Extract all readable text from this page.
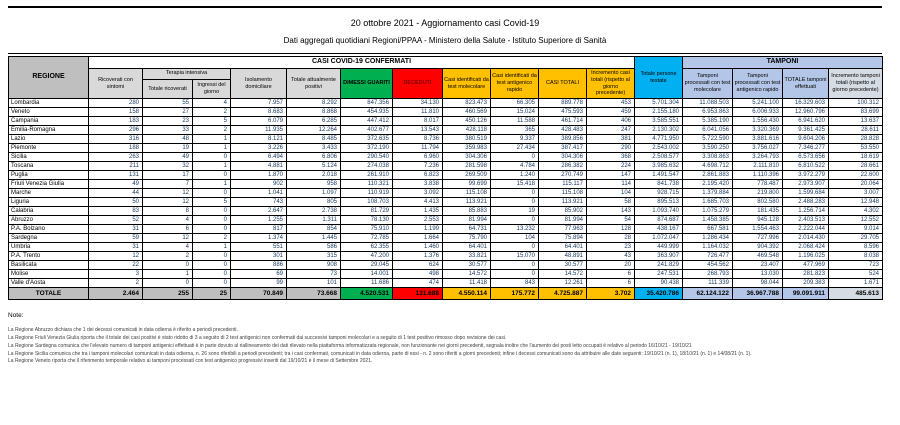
20 ottobre 2021 - Aggiornamento casi Covid-19
Dati aggregati quotidiani Regioni/PPAA - Ministero della Salute - Istituto Superiore di Sanità
REGIONE	CASI COVID-19 CONFERMATI											Totale persone testate	TAMPONI			
	Ricoverati con sintomi	Terapia intensiva		Isolamento domiciliare	Totale attualmente positivi	DIMESSI GUARITI	DECEDUTI	Casi identificati da test molecolare	Casi identificati da test antigenico rapido	CASI TOTALI	Incremento casi totali (rispetto al giorno precedente)		Tamponi processati con test molecolare	Tamponi processati con test antigenico rapido	TOTALE tamponi effettuati	Incremento tamponi totali (rispetto al giorno precedente)
		Totale ricoverati	Ingressi del giorno													
Lombardia	280	55	4	7.957	8.292	847.356	34.130	823.473	66.305	889.778	453	5.701.304	11.088.503	5.241.100	16.329.603	100.312
Veneto	158	27	2	8.683	8.868	454.935	11.810	460.569	15.024	475.593	459	2.155.180	6.953.863	6.006.933	12.960.796	83.699
Campania	183	23	5	6.079	6.285	447.412	8.017	450.126	11.588	461.714	406	3.585.551	5.385.190	1.556.430	6.941.620	13.637
Emilia-Romagna	296	33	2	11.935	12.264	402.677	13.543	428.118	365	428.483	247	2.130.302	6.041.056	3.320.369	9.361.425	28.611
Lazio	316	48	1	8.121	8.485	372.635	8.736	380.519	9.337	389.856	381	4.771.950	5.722.590	3.881.616	9.604.206	28.828
Piemonte	188	19	1	3.226	3.433	372.190	11.794	359.983	27.434	387.417	290	2.543.002	3.590.250	3.756.027	7.346.277	53.550
Sicilia	263	49	0	6.494	6.806	290.540	6.960	304.306	0	304.306	368	2.508.577	3.308.863	3.264.793	6.573.656	18.619
Toscana	211	32	1	4.881	5.124	274.038	7.236	281.598	4.784	286.382	224	3.985.632	4.698.712	2.111.810	6.810.522	28.661
Puglia	131	17	0	1.870	2.018	261.910	6.823	269.509	1.240	270.749	147	1.491.547	2.861.883	1.110.396	3.972.279	22.600
Friuli Venezia Giulia	49	7	1	902	958	110.321	3.838	99.699	15.418	115.117	114	841.738	2.195.420	778.487	2.973.907	20.064
Marche	44	12	0	1.041	1.097	110.919	3.092	115.108	0	115.108	104	928.715	1.379.884	219.800	1.599.684	3.007
Liguria	50	12	5	743	805	108.703	4.413	113.921	0	113.921	58	895.513	1.685.703	802.580	2.488.283	12.948
Calabria	83	8	0	2.647	2.738	81.729	1.435	85.883	19	85.902	143	1.093.740	1.075.279	181.435	1.256.714	4.302
Abruzzo	52	4	0	1.255	1.311	78.130	2.553	81.994	0	81.994	54	874.687	1.458.385	945.128	2.403.513	12.552
P.A. Bolzano	31	6	0	817	854	75.910	1.199	64.731	13.232	77.963	128	438.167	667.581	1.554.463	2.222.044	9.014
Sardegna	59	12	2	1.374	1.445	72.785	1.664	75.790	104	75.894	28	1.072.047	1.286.434	727.996	2.014.430	29.705
Umbria	31	4	1	551	586	62.355	1.460	64.401	0	64.401	23	449.999	1.164.032	904.392	2.068.424	8.596
P.A. Trento	12	2	0	301	315	47.200	1.376	33.821	15.070	48.891	43	363.907	726.477	469.548	1.196.025	8.038
Basilicata	22	0	0	886	908	29.045	624	30.577	0	30.577	20	241.829	454.562	23.407	477.969	723
Molise	3	1	0	69	73	14.001	498	14.572	0	14.572	6	247.531	268.793	13.030	281.823	524
Valle d'Aosta	2	0	0	99	101	11.686	474	11.418	843	12.261	6	90.438	111.339	98.044	209.383	1.671
TOTALE	2.464	255	25	70.849	73.668	4.520.531	131.688	4.550.114	175.772	4.725.887	3.702	35.420.786	62.124.122	36.967.788	99.091.911	485.613
Note:
La Regione Abruzzo dichiara che 1 dei decessi comunicati in data odierna è riferito a periodi precedenti.
La Regione Friuli Venezia Giulia riporta che il totale dei casi positivi è stato ridotto di 3 a seguito di 2 test antigenici non confermati dai successivi tamponi molecolari e a seguito di 1 test positivo rimosso dopo revisione dei casi.
La Regione Sardegna comunica che l'elevato numero di tamponi antigenici effettuati è in parte dovuto al riallineamento dei dati rilevato nella piattaforma informatizzata regionale, non funzionante nei giorni precedenti, segnala inoltre che l'aumento dei posti letto occupati è relativo al periodo 16/10/21 - 19/10/21
La Regione Sicilia comunica che tra i tamponi molecolari comunicati in data odierna, n. 26 sono riferibili a periodi precedenti; tra i casi confermati, comunicati in data odierna, parte di essi - n. 2 sono riferiti a giorni precedenti; infine i decessi comunicati sono da attribuire alle date seguenti: 19/10/21 (n. 1), 18/10/21 (n. 1) e 14/08/21 (n. 1).
La Regione Veneto riporta che il riferimento temporale relativo ai tamponi processati con test antigenico progressivi inseriti dal 19/10/21 è il mese di Settembre 2021.
